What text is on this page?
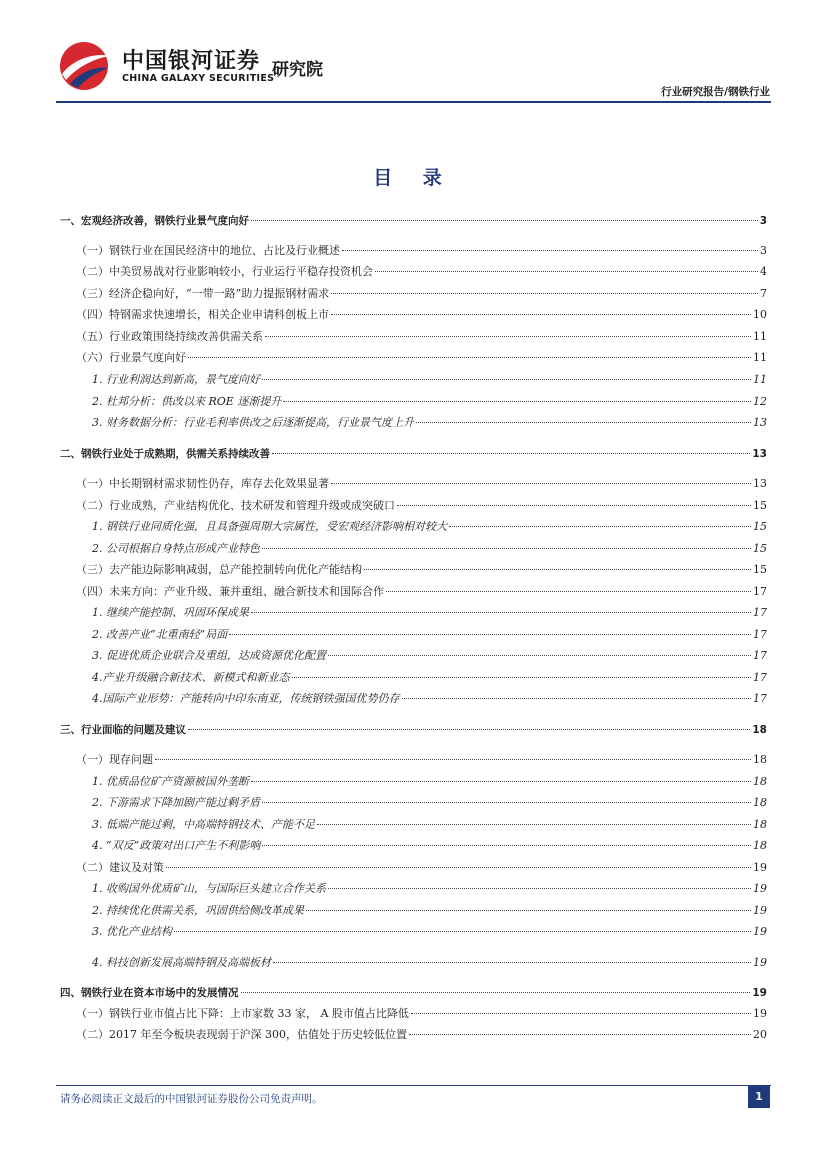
中国银河证券
CHINA GALAXY SECURITIES
研究院
行业研究报告/钢铁行业
目 录
一、宏观经济改善，钢铁行业景气度向好	3
（一）钢铁行业在国民经济中的地位、占比及行业概述	3
（二）中美贸易战对行业影响较小，行业运行平稳存投资机会	4
（三）经济企稳向好，“一带一路”助力提振钢材需求	7
（四）特钢需求快速增长，相关企业申请科创板上市	10
（五）行业政策围绕持续改善供需关系	11
（六）行业景气度向好	11
1. 行业利润达到新高，景气度向好	11
2. 杜邦分析：供改以来 ROE 逐渐提升	12
3. 财务数据分析：行业毛利率供改之后逐渐提高，行业景气度上升	13
二、钢铁行业处于成熟期，供需关系持续改善	13
（一）中长期钢材需求韧性仍存，库存去化效果显著	13
（二）行业成熟，产业结构优化、技术研发和管理升级或成突破口	15
1. 钢铁行业同质化强，且具备强周期大宗属性，受宏观经济影响相对较大	15
2. 公司根据自身特点形成产业特色	15
（三）去产能边际影响减弱，总产能控制转向优化产能结构	15
（四）未来方向：产业升级、兼并重组、融合新技术和国际合作	17
1. 继续产能控制、巩固环保成果	17
2. 改善产业“北重南轻”局面	17
3. 促进优质企业联合及重组，达成资源优化配置	17
4.产业升级融合新技术、新模式和新业态	17
4.国际产业形势：产能转向中印东南亚，传统钢铁强国优势仍存	17
三、行业面临的问题及建议	18
（一）现存问题	18
1. 优质品位矿产资源被国外垄断	18
2. 下游需求下降加剧产能过剩矛盾	18
3. 低端产能过剩，中高端特钢技术、产能不足	18
4. “双反”政策对出口产生不利影响	18
（二）建议及对策	19
1. 收购国外优质矿山，与国际巨头建立合作关系	19
2. 持续优化供需关系，巩固供给侧改革成果	19
3. 优化产业结构	19
4. 科技创新发展高端特钢及高端板材	19
四、钢铁行业在资本市场中的发展情况	19
（一）钢铁行业市值占比下降：上市家数 33 家， A 股市值占比降低	19
（二）2017 年至今板块表现弱于沪深 300，估值处于历史较低位置	20
请务必阅读正文最后的中国银河证券股份公司免责声明。	1
